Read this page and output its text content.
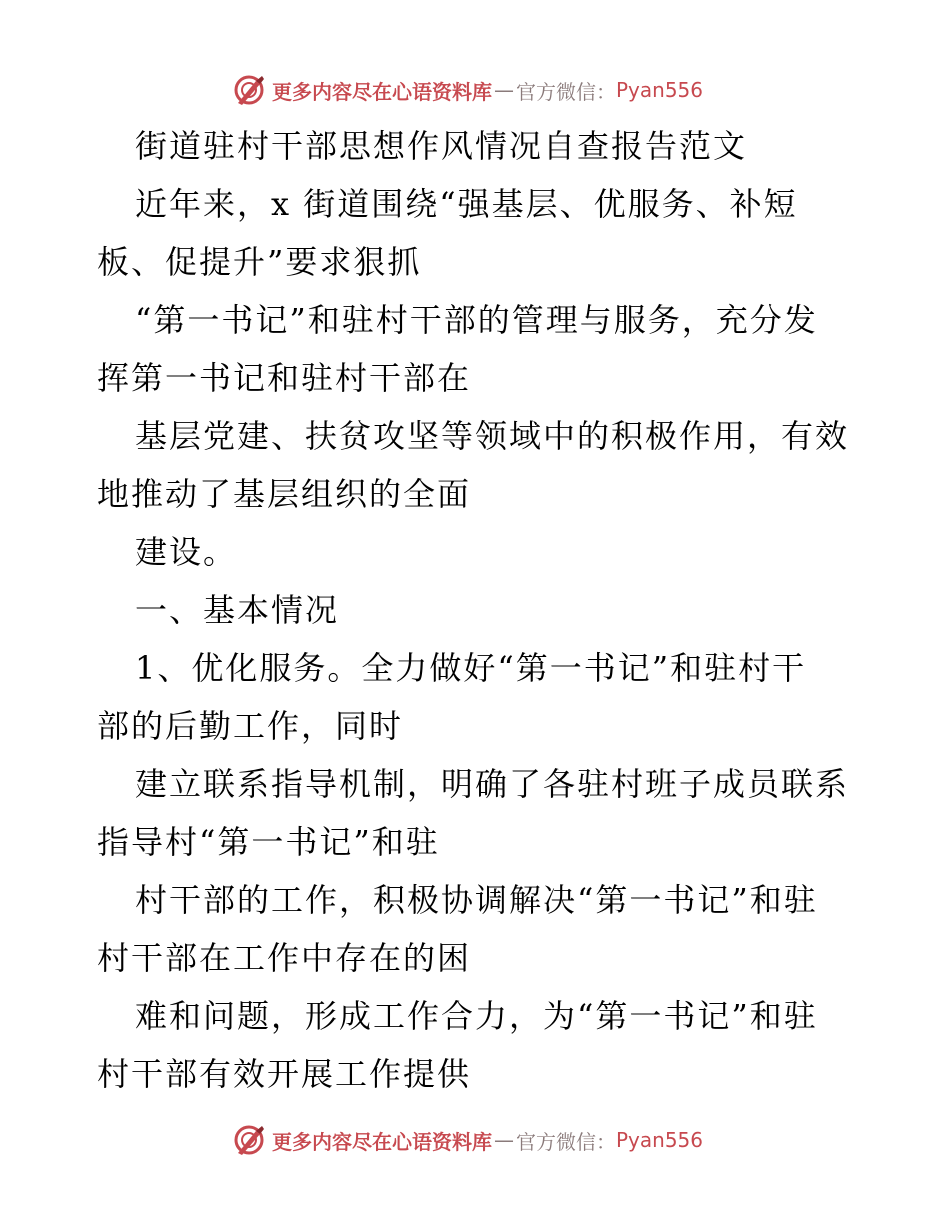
更多内容尽在心语资料库 — 官方微信： Pyan556
街道驻村干部思想作风情况自查报告范文
近年来，x 街道围绕“强基层、优服务、补短
板、促提升”要求狠抓
“第一书记”和驻村干部的管理与服务，充分发
挥第一书记和驻村干部在
基层党建、扶贫攻坚等领域中的积极作用，有效
地推动了基层组织的全面
建设。
一、基本情况
1、优化服务。全力做好“第一书记”和驻村干
部的后勤工作，同时
建立联系指导机制，明确了各驻村班子成员联系
指导村“第一书记”和驻
村干部的工作，积极协调解决“第一书记”和驻
村干部在工作中存在的困
难和问题，形成工作合力，为“第一书记”和驻
村干部有效开展工作提供
更多内容尽在心语资料库 — 官方微信： Pyan556
